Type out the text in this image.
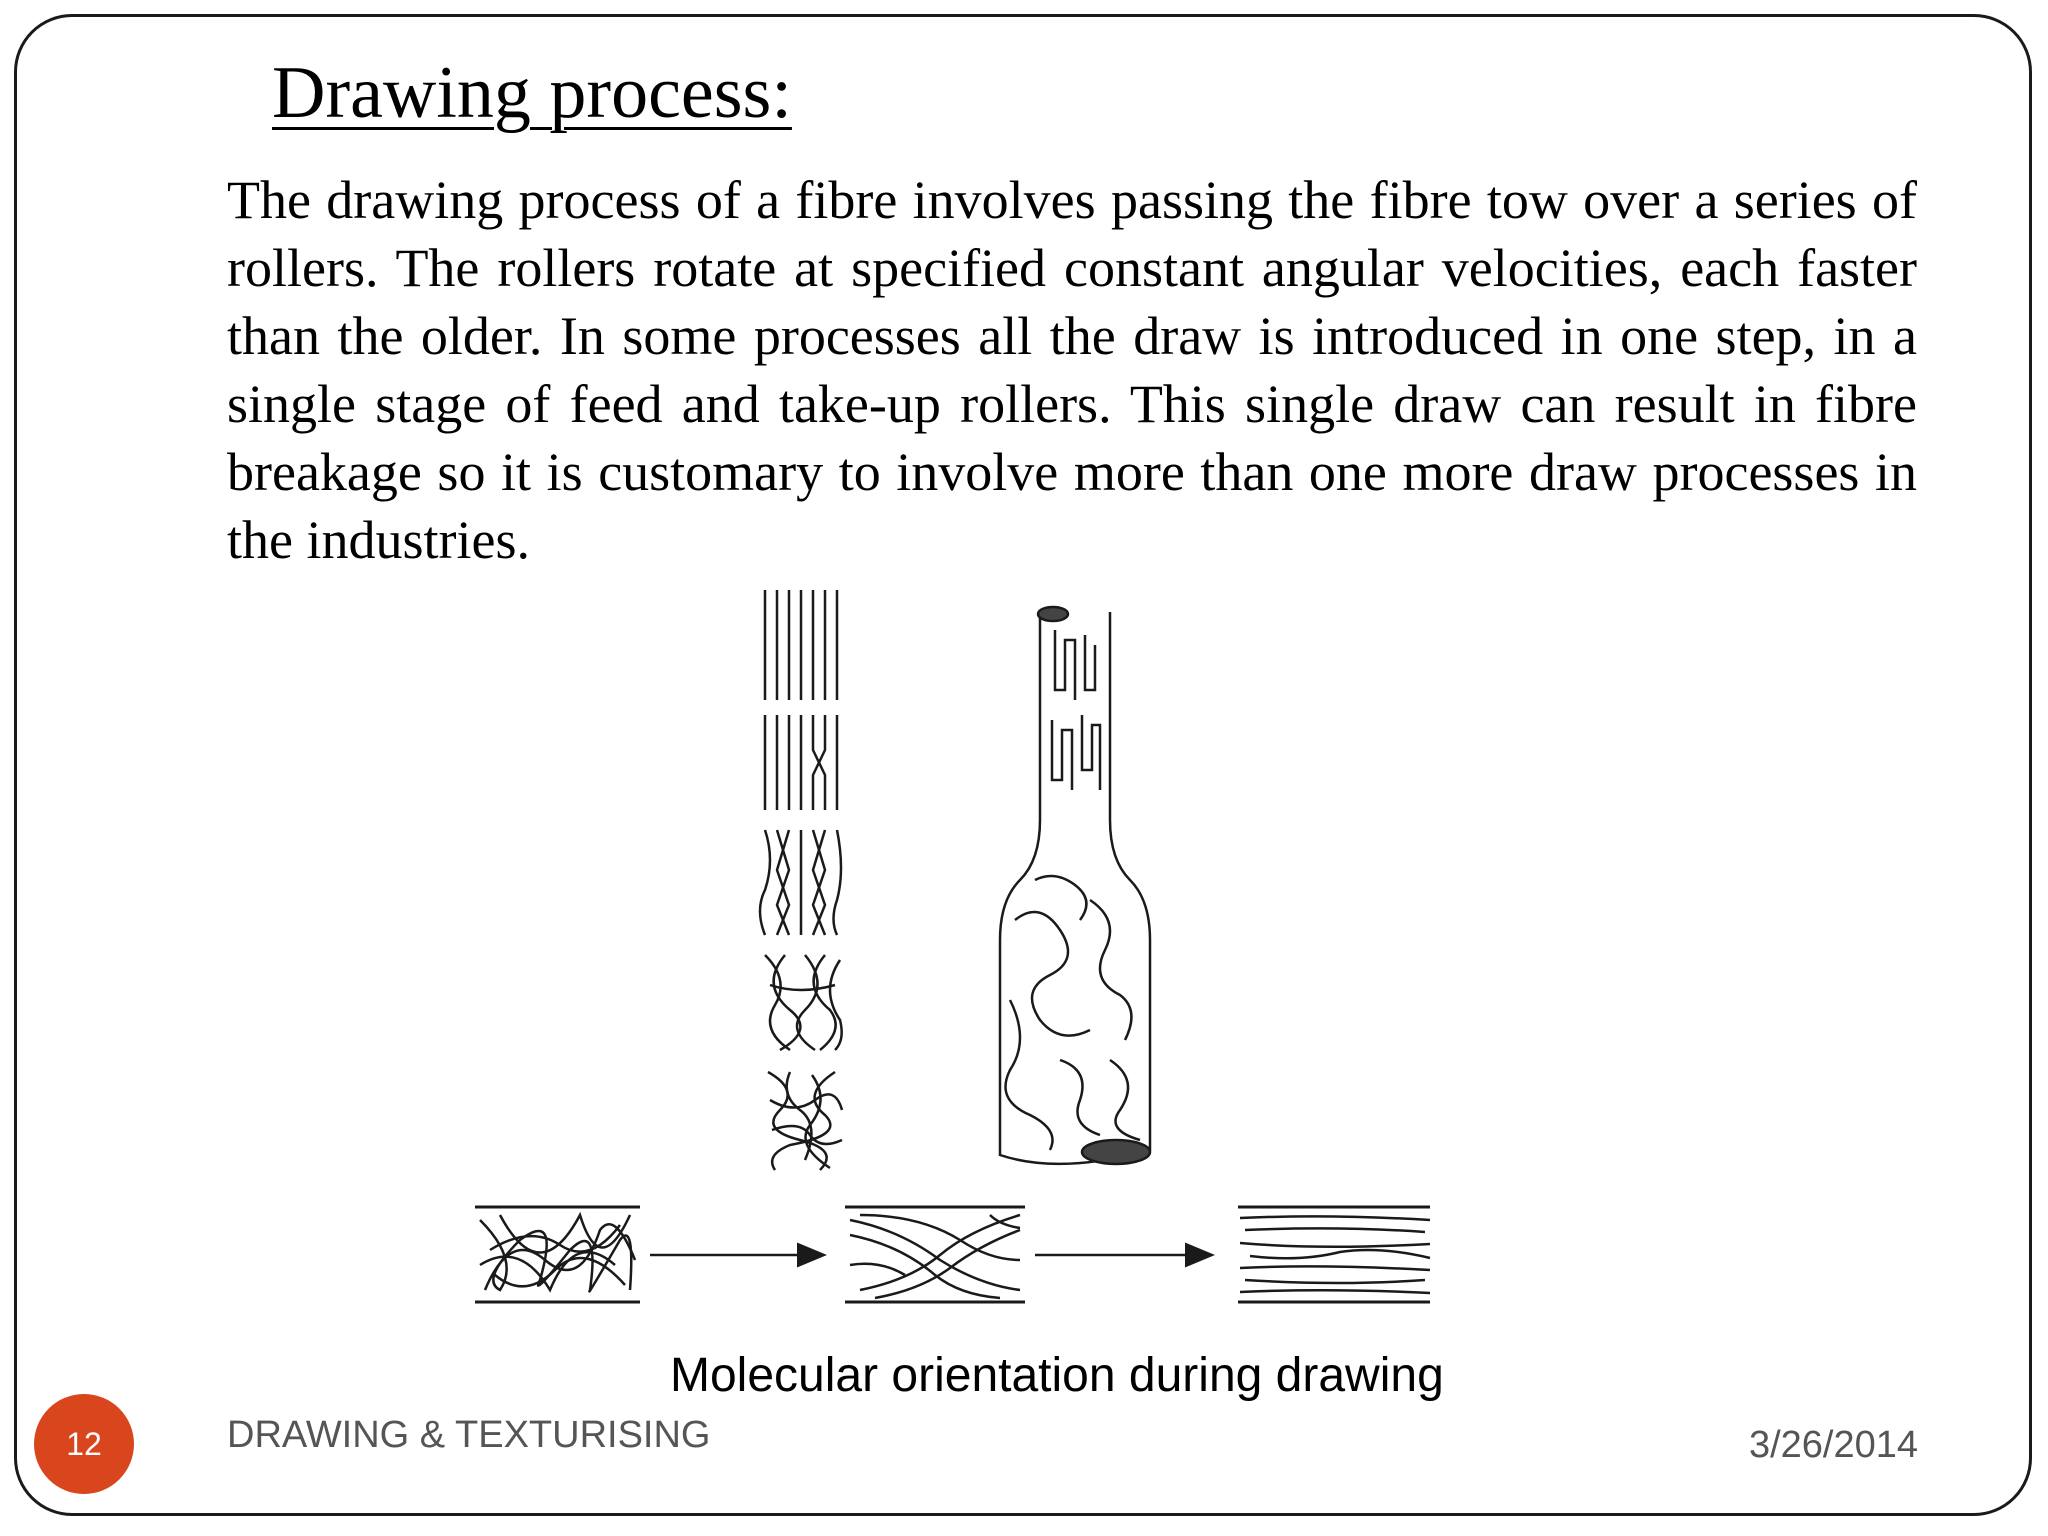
Drawing process:

The drawing process of a fibre involves passing the fibre tow over a series of rollers. The rollers rotate at specified constant angular velocities, each faster than the older. In some processes all the draw is introduced in one step, in a single stage of feed and take-up rollers. This single draw can result in fibre breakage so it is customary to involve more than one more draw processes in the industries.

Molecular orientation during drawing
12	DRAWING & TEXTURISING	3/26/2014
